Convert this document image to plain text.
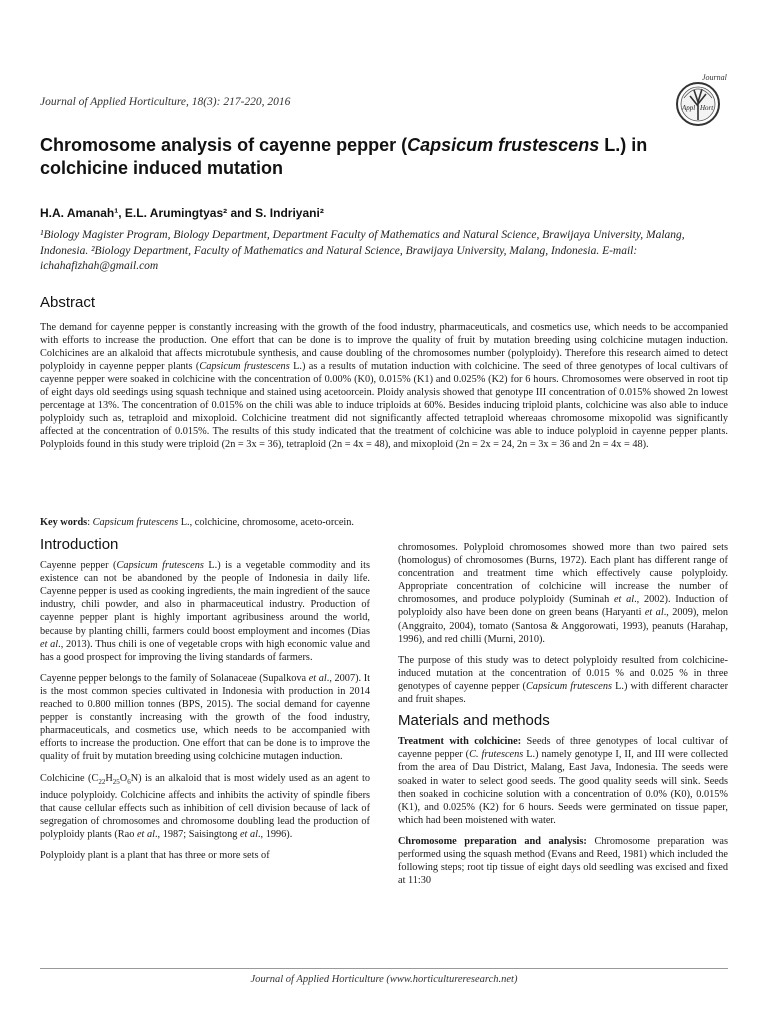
Journal of Applied Horticulture, 18(3): 217-220, 2016
Journal
Appl Hort
Chromosome analysis of cayenne pepper (Capsicum frustescens L.) in colchicine induced mutation
H.A. Amanah¹, E.L. Arumingtyas² and S. Indriyani²
¹Biology Magister Program, Biology Department, Department Faculty of Mathematics and Natural Science, Brawijaya University, Malang, Indonesia. ²Biology Department, Faculty of Mathematics and Natural Science, Brawijaya University, Malang, Indonesia. E-mail: ichahafizhah@gmail.com
Abstract
The demand for cayenne pepper is constantly increasing with the growth of the food industry, pharmaceuticals, and cosmetics use, which needs to be accompanied with efforts to increase the production. One effort that can be done is to improve the quality of fruit by mutation breeding using colchicine mutagen induction. Colchicines are an alkaloid that affects microtubule synthesis, and cause doubling of the chromosomes number (polyploidy). Therefore this research aimed to detect polyploidy in cayenne pepper plants (Capsicum frustescens L.) as a results of mutation induction with colchicine. The seed of three genotypes of local cultivars of cayenne pepper were soaked in colchicine with the concentration of 0.00% (K0), 0.015% (K1) and 0.025% (K2) for 6 hours. Chromosomes were observed in root tip of eight days old seedings using squash technique and stained using acetoorcein. Ploidy analysis showed that genotype III concentration of 0.015% showed 2n lowest percentage at 13%. The concentration of 0.015% on the chili was able to induce triploids at 60%. Besides inducing triploid plants, colchicine was also able to induce polyploidy such as, tetraploid and mixoploid. Colchicine treatment did not significantly affected tetraploid whereaas chromosome mixopolid was significantly affected at the concentration of 0.015%. The results of this study indicated that the treatment of colchicine was able to induce polyploid in cayenne pepper plants. Polyploids found in this study were triploid (2n = 3x = 36), tetraploid (2n = 4x = 48), and mixoploid (2n = 2x = 24, 2n = 3x = 36 and 2n = 4x = 48).
Key words: Capsicum frutescens L., colchicine, chromosome, aceto-orcein.
Introduction

Cayenne pepper (Capsicum frutescens L.) is a vegetable commodity and its existence can not be abandoned by the people of Indonesia in daily life. Cayenne pepper is used as cooking ingredients, the main ingredient of the sauce industry, chili powder, and also in pharmaceutical industry. Production of cayenne pepper plant is highly important agribusiness around the world, because by planting chilli, farmers could boost employment and incomes (Dias et al., 2013). Thus chili is one of vegetable crops with high economic value and has a good prospect for improving the living standards of farmers.

Cayenne pepper belongs to the family of Solanaceae (Supalkova et al., 2007). It is the most common species cultivated in Indonesia with production in 2014 reached to 0.800 million tonnes (BPS, 2015). The social demand for cayenne pepper is constantly increasing with the growth of the food industry, pharmaceuticals, and cosmetics use, which needs to be accompanied with efforts to increase the production. One effort that can be done is to improve the quality of fruit by mutation breeding using colchicine mutagen induction.

Colchicine $(C_{22}H_{25}O_6N)$ is an alkaloid that is most widely used as an agent to induce polyploidy. Colchicine affects and inhibits the activity of spindle fibers that cause cellular effects such as inhibition of cell division because of lack of segregation of chromosomes and chromosome doubling lead the production of polyploidy plants (Rao et al., 1987; Saisingtong et al., 1996).

Polyploidy plant is a plant that has three or more sets of

chromosomes. Polyploid chromosomes showed more than two paired sets (homologus) of chromosomes (Burns, 1972). Each plant has different range of concentration and treatment time which effectively cause polyploidy. Appropriate concentration of colchicine will increase the number of chromosomes, and produce polyploidy (Suminah et al., 2002). Induction of polyploidy also have been done on green beans (Haryanti et al., 2009), melon (Anggraito, 2004), tomato (Santosa & Anggorowati, 1993), peanuts (Harahap, 1996), and red chilli (Murni, 2010).

The purpose of this study was to detect polyploidy resulted from colchicine-induced mutation at the concentration of 0.015 % and 0.025 % in three genotypes of cayenne pepper (Capsicum frutescens L.) with different character and fruit shapes.

Materials and methods

Treatment with colchicine: Seeds of three genotypes of local cultivar of cayenne pepper (C. frutescens L.) namely genotype I, II, and III were collected from the area of Dau District, Malang, East Java, Indonesia. The seeds were soaked in water to select good seeds. The good quality seeds will sink. Seeds then soaked in cochicine solution with a concentration of 0.0% (K0), 0.015% (K1), and 0.025% (K2) for 6 hours. Seeds were germinated on tissue paper, which had been moistened with water.

Chromosome preparation and analysis: Chromosome preparation was performed using the squash method (Evans and Reed, 1981) which included the following steps; root tip tissue of eight days old seedling was excised and fixed at 11:30

Journal of Applied Horticulture (www.horticultureresearch.net)
